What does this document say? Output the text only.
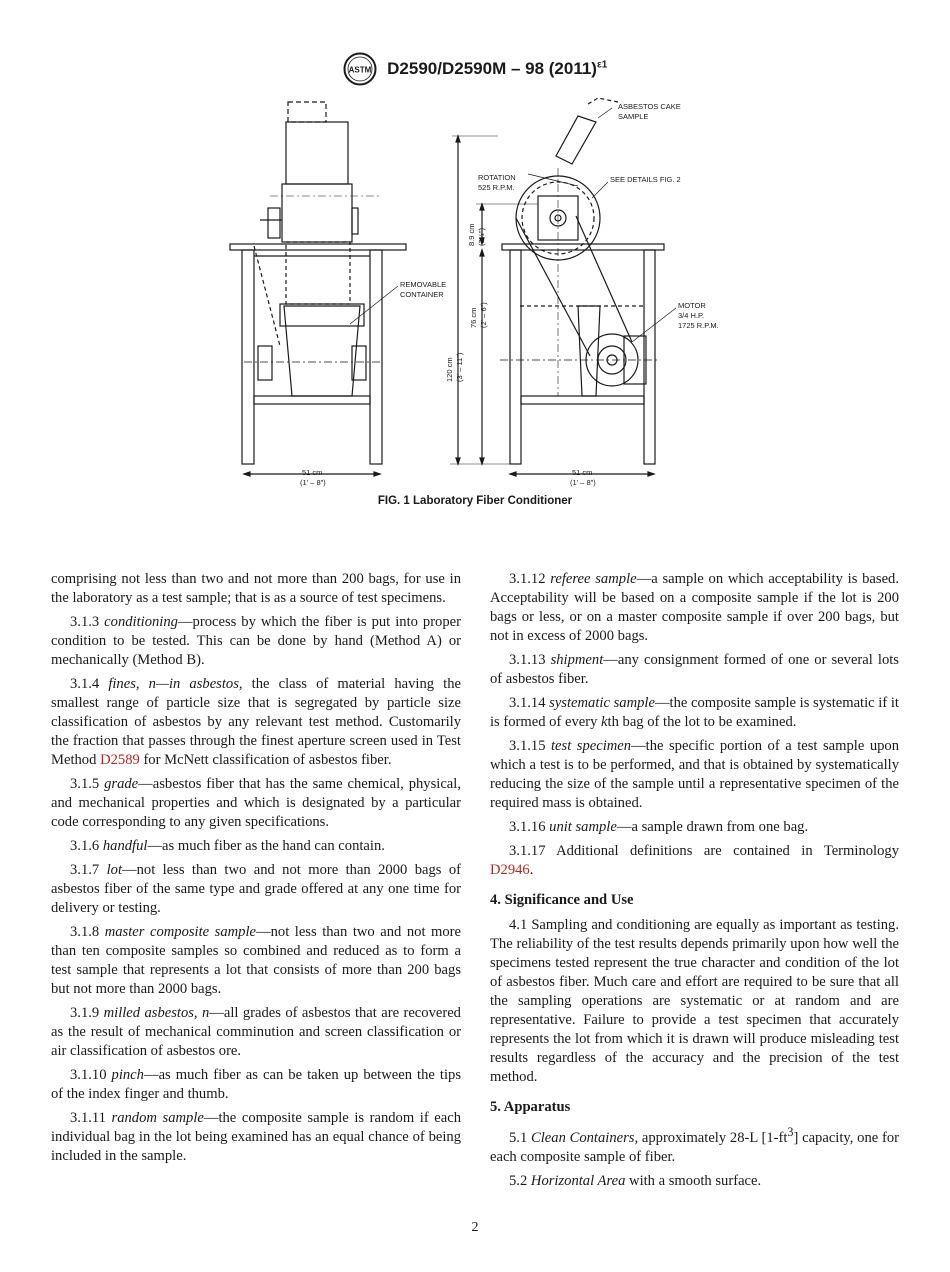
ASTM D2590/D2590M – 98 $(2011)^{\varepsilon 1}$
ASBESTOS CAKE
SAMPLE
ROTATION
525 R.P.M.
SEE DETAILS FIG. 2
REMOVABLE
CONTAINER
MOTOR
3/4 H.P.
1725 R.P.M.
8.9 cm (3½")
76 cm (2' – 6")
120 cm (3' – 11")
51 cm
(1' – 8")
51 cm
(1' – 8")
FIG. 1 Laboratory Fiber Conditioner

comprising not less than two and not more than 200 bags, for use in the laboratory as a test sample; that is as a source of test specimens.

3.1.3 conditioning—process by which the fiber is put into proper condition to be tested. This can be done by hand (Method A) or mechanically (Method B).

3.1.4 fines, n—in asbestos, the class of material having the smallest range of particle size that is segregated by particle size classification of asbestos by any relevant test method. Customarily the fraction that passes through the finest aperture screen used in Test Method D2589 for McNett classification of asbestos fiber.

3.1.5 grade—asbestos fiber that has the same chemical, physical, and mechanical properties and which is designated by a particular code corresponding to any given specifications.

3.1.6 handful—as much fiber as the hand can contain.

3.1.7 lot—not less than two and not more than 2000 bags of asbestos fiber of the same type and grade offered at any one time for delivery or testing.

3.1.8 master composite sample—not less than two and not more than ten composite samples so combined and reduced as to form a test sample that represents a lot that consists of more than 200 bags but not more than 2000 bags.

3.1.9 milled asbestos, n—all grades of asbestos that are recovered as the result of mechanical comminution and screen classification or air classification of asbestos ore.

3.1.10 pinch—as much fiber as can be taken up between the tips of the index finger and thumb.

3.1.11 random sample—the composite sample is random if each individual bag in the lot being examined has an equal chance of being included in the sample.

3.1.12 referee sample—a sample on which acceptability is based. Acceptability will be based on a composite sample if the lot is 200 bags or less, or on a master composite sample if over 200 bags, but not in excess of 2000 bags.

3.1.13 shipment—any consignment formed of one or several lots of asbestos fiber.

3.1.14 systematic sample—the composite sample is systematic if it is formed of every kth bag of the lot to be examined.

3.1.15 test specimen—the specific portion of a test sample upon which a test is to be performed, and that is obtained by systematically reducing the size of the sample until a representative specimen of the required mass is obtained.

3.1.16 unit sample—a sample drawn from one bag.

3.1.17 Additional definitions are contained in Terminology D2946.

4. Significance and Use

4.1 Sampling and conditioning are equally as important as testing. The reliability of the test results depends primarily upon how well the specimens tested represent the true character and condition of the lot of asbestos fiber. Much care and effort are required to be sure that all the sampling operations are systematic or at random and are representative. Failure to provide a test specimen that accurately represents the lot from which it is drawn will produce misleading test results regardless of the accuracy and the precision of the test method.

5. Apparatus

5.1 Clean Containers, approximately 28-L $[1-ft^3]$ capacity, one for each composite sample of fiber.

5.2 Horizontal Area with a smooth surface.

2
